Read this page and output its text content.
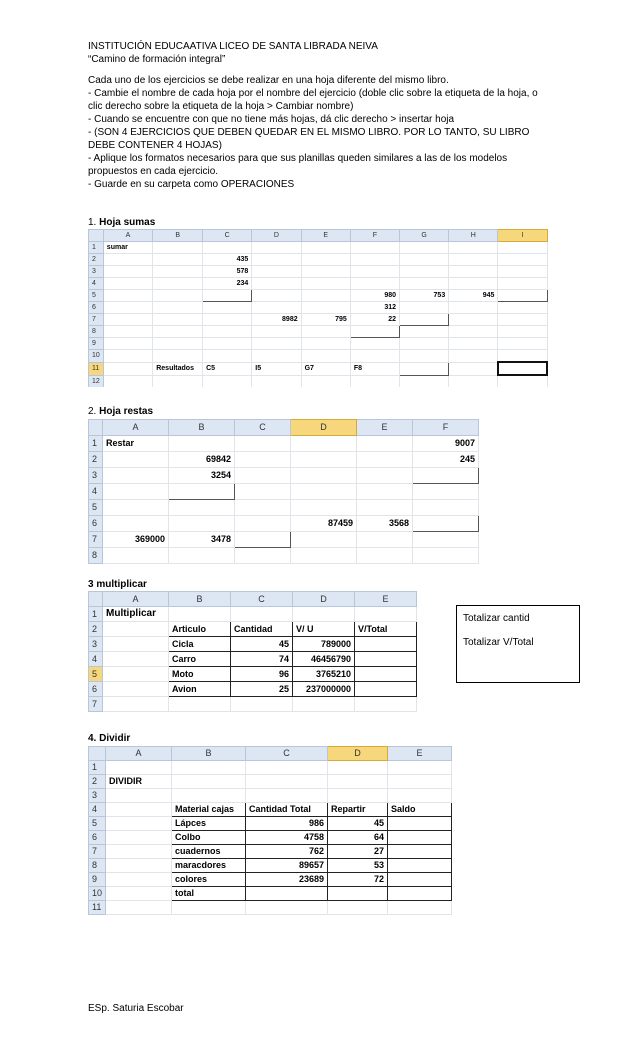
INSTITUCIÓN EDUCAATIVA LICEO DE SANTA LIBRADA NEIVA
“Camino de formación integral”
Cada uno de los ejercicios se debe realizar en una hoja diferente del mismo libro.
- Cambie el nombre de cada hoja por el nombre del ejercicio (doble clic sobre la etiqueta de la hoja, o clic derecho sobre la etiqueta de la hoja > Cambiar nombre)
- Cuando se encuentre con que no tiene más hojas, dá clic derecho > insertar hoja
- (SON 4 EJERCICIOS QUE DEBEN QUEDAR EN EL MISMO LIBRO. POR LO TANTO, SU LIBRO DEBE CONTENER 4 HOJAS)
- Aplique los formatos necesarios para que sus planillas queden similares a las de los modelos propuestos en cada ejercicio.
- Guarde en su carpeta como OPERACIONES
1. Hoja sumas
	A	B	C	D	E	F	G	H	I
1	sumar								
2			435						
3			578						
4			234						
5						980	753	945	
6						312			
7				8982	795	22			
8									
9									
10									
11		Resultados	C5	I5	G7	F8			
12									
2. Hoja restas
	A	B	C	D	E	F
1	Restar					9007
2		69842				245
3		3254				
4						
5						
6				87459	3568	
7	369000	3478				
8						
3 multiplicar
	A	B	C	D	E
1	Multiplicar				
2		Articulo	Cantidad	V/ U	V/Total
3		Cicla	45	789000	
4		Carro	74	46456790	
5		Moto	96	3765210	
6		Avion	25	237000000	
7					
Totalizar cantid
Totalizar V/Total
4. Dividir
	A	B	C	D	E
1					
2	DIVIDIR				
3					
4		Material cajas	Cantidad Total	Repartir	Saldo
5		Lápces	986	45	
6		Colbo	4758	64	
7		cuadernos	762	27	
8		maracdores	89657	53	
9		colores	23689	72	
10		total			
11					
ESp. Saturia Escobar
